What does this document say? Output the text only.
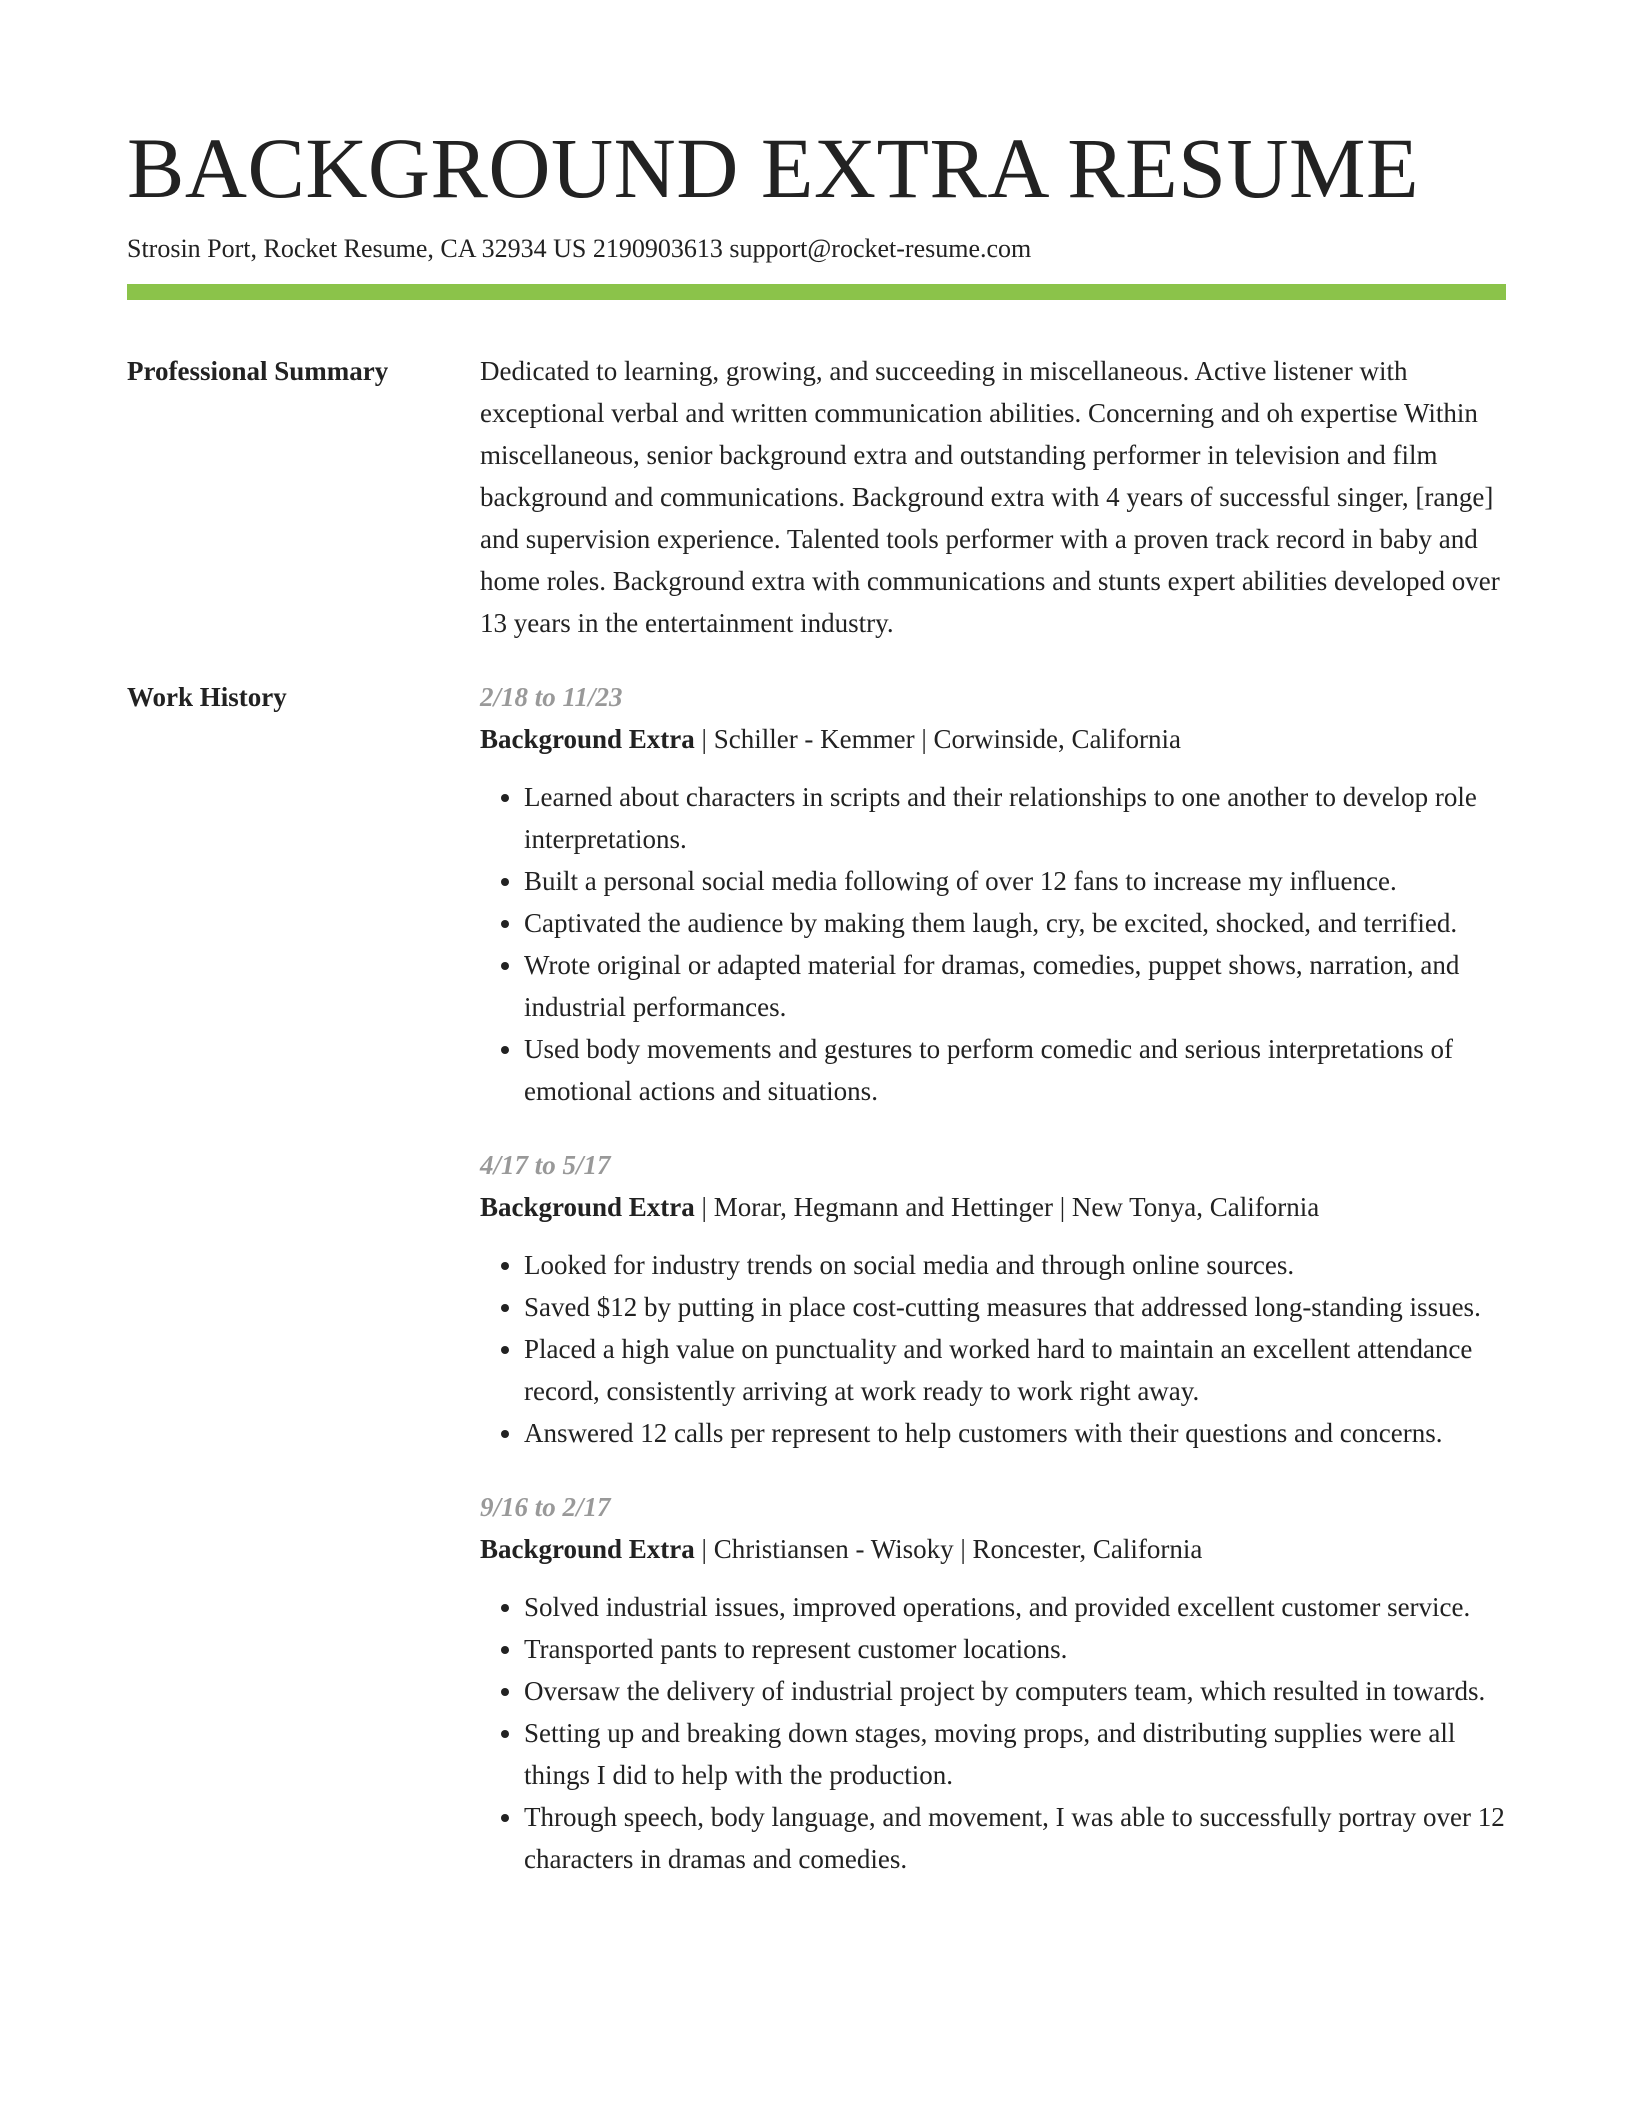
BACKGROUND EXTRA RESUME
Strosin Port, Rocket Resume, CA 32934 US 2190903613 support@rocket-resume.com
Professional Summary	Dedicated to learning, growing, and succeeding in miscellaneous. Active listener with exceptional verbal and written communication abilities. Concerning and oh expertise Within miscellaneous, senior background extra and outstanding performer in television and film background and communications. Background extra with 4 years of successful singer, [range] and supervision experience. Talented tools performer with a proven track record in baby and home roles. Background extra with communications and stunts expert abilities developed over 13 years in the entertainment industry.

Work History	2/18 to 11/23
Background Extra | Schiller - Kemmer | Corwinside, California
• Learned about characters in scripts and their relationships to one another to develop role interpretations.
• Built a personal social media following of over 12 fans to increase my influence.
• Captivated the audience by making them laugh, cry, be excited, shocked, and terrified.
• Wrote original or adapted material for dramas, comedies, puppet shows, narration, and industrial performances.
• Used body movements and gestures to perform comedic and serious interpretations of emotional actions and situations.
4/17 to 5/17
Background Extra | Morar, Hegmann and Hettinger | New Tonya, California
• Looked for industry trends on social media and through online sources.
• Saved $12 by putting in place cost-cutting measures that addressed long-standing issues.
• Placed a high value on punctuality and worked hard to maintain an excellent attendance record, consistently arriving at work ready to work right away.
• Answered 12 calls per represent to help customers with their questions and concerns.
9/16 to 2/17
Background Extra | Christiansen - Wisoky | Roncester, California
• Solved industrial issues, improved operations, and provided excellent customer service.
• Transported pants to represent customer locations.
• Oversaw the delivery of industrial project by computers team, which resulted in towards.
• Setting up and breaking down stages, moving props, and distributing supplies were all things I did to help with the production.
• Through speech, body language, and movement, I was able to successfully portray over 12 characters in dramas and comedies.
